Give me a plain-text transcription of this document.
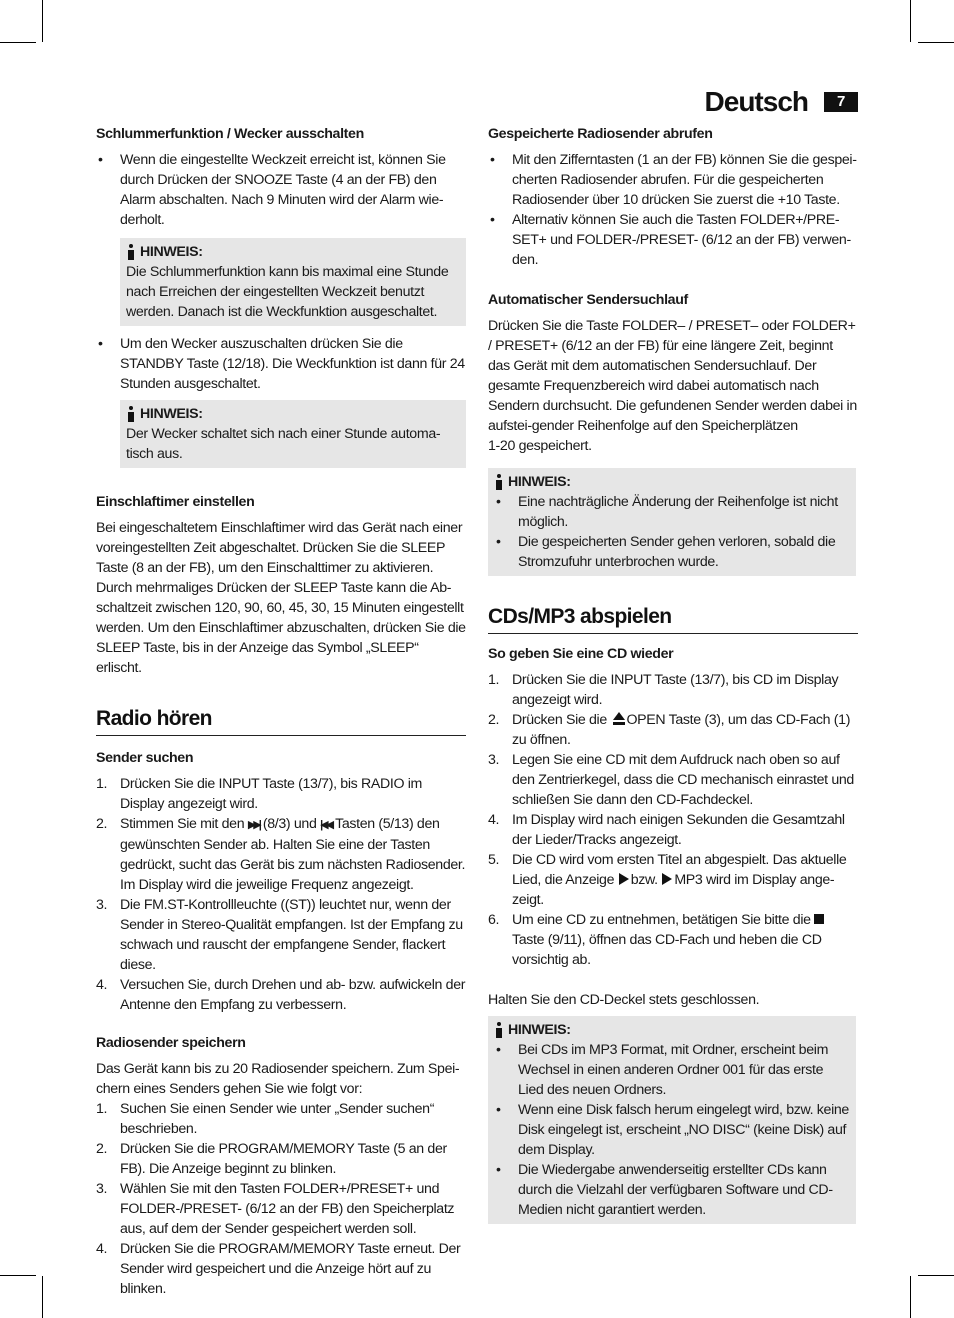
Deutsch	7

Schlummerfunktion / Wecker ausschalten

• Wenn die eingestellte Weckzeit erreicht ist, können Sie durch Drücken der SNOOZE Taste (4 an der FB) den Alarm abschalten. Nach 9 Minuten wird der Alarm wie-derholt.
HINWEIS:
Die Schlummerfunktion kann bis maximal eine Stunde nach Erreichen der eingestellten Weckzeit benutzt werden. Danach ist die Weckfunktion ausgeschaltet.
• Um den Wecker auszuschalten drücken Sie die STANDBY Taste (12/18). Die Weckfunktion ist dann für 24 Stunden ausgeschaltet.
HINWEIS:
Der Wecker schaltet sich nach einer Stunde automa-tisch aus.

Einschlaftimer einstellen

Bei eingeschaltetem Einschlaftimer wird das Gerät nach einer voreingestellten Zeit abgeschaltet. Drücken Sie die SLEEP Taste (8 an der FB), um den Einschalttimer zu aktivieren. Durch mehrmaliges Drücken der SLEEP Taste kann die Ab-schaltzeit zwischen 120, 90, 60, 45, 30, 15 Minuten eingestellt werden. Um den Einschlaftimer abzuschalten, drücken Sie die SLEEP Taste, bis in der Anzeige das Symbol „SLEEP“ erlischt.

Radio hören

Sender suchen

1. Drücken Sie die INPUT Taste (13/7), bis RADIO im Display angezeigt wird.
2. Stimmen Sie mit den ▶▶| (8/3) und |◀◀ Tasten (5/13) den gewünschten Sender ab. Halten Sie eine der Tasten gedrückt, sucht das Gerät bis zum nächsten Radiosender. Im Display wird die jeweilige Frequenz angezeigt.
3. Die FM.ST-Kontrollleuchte ((ST)) leuchtet nur, wenn der Sender in Stereo-Qualität empfangen. Ist der Empfang zu schwach und rauscht der empfangene Sender, flackert diese.
4. Versuchen Sie, durch Drehen und ab- bzw. aufwickeln der Antenne den Empfang zu verbessern.

Radiosender speichern

Das Gerät kann bis zu 20 Radiosender speichern. Zum Spei-chern eines Senders gehen Sie wie folgt vor:

1. Suchen Sie einen Sender wie unter „Sender suchen“ beschrieben.
2. Drücken Sie die PROGRAM/MEMORY Taste (5 an der FB). Die Anzeige beginnt zu blinken.
3. Wählen Sie mit den Tasten FOLDER+/PRESET+ und FOLDER-/PRESET- (6/12 an der FB) den Speicherplatz aus, auf dem der Sender gespeichert werden soll.
4. Drücken Sie die PROGRAM/MEMORY Taste erneut. Der Sender wird gespeichert und die Anzeige hört auf zu blinken.

Gespeicherte Radiosender abrufen

• Mit den Zifferntasten (1 an der FB) können Sie die gespei-cherten Radiosender abrufen. Für die gespeicherten Radiosender über 10 drücken Sie zuerst die +10 Taste.
• Alternativ können Sie auch die Tasten FOLDER+/PRE-SET+ und FOLDER-/PRESET- (6/12 an der FB) verwen-den.

Automatischer Sendersuchlauf

Drücken Sie die Taste FOLDER– / PRESET– oder FOLDER+ / PRESET+ (6/12 an der FB) für eine längere Zeit, beginnt das Gerät mit dem automatischen Sendersuchlauf. Der gesamte Frequenzbereich wird dabei automatisch nach Sendern durchsucht. Die gefundenen Sender werden dabei in aufstei-gender Reihenfolge auf den Speicherplätzen

1-20 gespeichert.

HINWEIS:
• Eine nachträgliche Änderung der Reihenfolge ist nicht möglich.
• Die gespeicherten Sender gehen verloren, sobald die Stromzufuhr unterbrochen wurde.
CDs/MP3 abspielen

So geben Sie eine CD wieder

1. Drücken Sie die INPUT Taste (13/7), bis CD im Display angezeigt wird.
2. Drücken Sie die OPEN Taste (3), um das CD-Fach (1) zu öffnen.
3. Legen Sie eine CD mit dem Aufdruck nach oben so auf den Zentrierkegel, dass die CD mechanisch einrastet und schließen Sie dann den CD-Fachdeckel.
4. Im Display wird nach einigen Sekunden die Gesamtzahl der Lieder/Tracks angezeigt.
5. Die CD wird vom ersten Titel an abgespielt. Das aktuelle Lied, die Anzeige bzw. MP3 wird im Display ange-zeigt.
6. Um eine CD zu entnehmen, betätigen Sie bitte die Taste (9/11), öffnen das CD-Fach und heben die CD vorsichtig ab.

Halten Sie den CD-Deckel stets geschlossen.

HINWEIS:
• Bei CDs im MP3 Format, mit Ordner, erscheint beim Wechsel in einen anderen Ordner 001 für das erste Lied des neuen Ordners.
• Wenn eine Disk falsch herum eingelegt wird, bzw. keine Disk eingelegt ist, erscheint „NO DISC“ (keine Disk) auf dem Display.
• Die Wiedergabe anwenderseitig erstellter CDs kann durch die Vielzahl der verfügbaren Software und CD-Medien nicht garantiert werden.
